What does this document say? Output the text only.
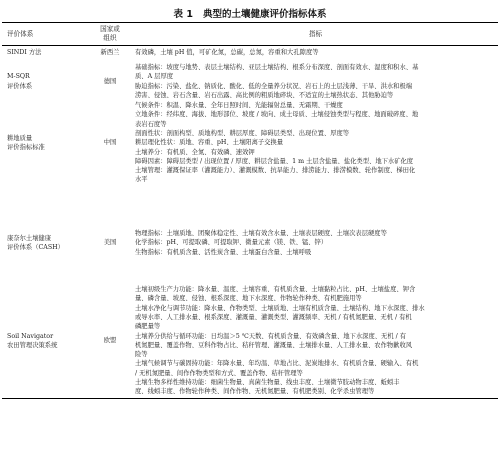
表 1 典型的土壤健康评价指标体系
评价体系
国家或
组织	指标
有效磷，土壤 pH 值，可矿化氮，总碳，总氮，容重和大孔隙度等
SINDI 方法	新西兰
基础指标：坡度与地势、表层土壤结构、亚层土壤结构、根系分布深度、剖面有效水、湿度和积水、基
质、A 层厚度
胁迫指标：污染、盐化、钠质化、酸化、低的全量养分状况、岩石上的土层浅薄、干旱、洪水和极端
涝害、侵蚀、岩石含量、岩石出露、高比例的粗质地碎块、不适宜的土壤热状态、其他胁迫等
M-SQR
评价体系
德国
气候条件：积温、降水量、全年日照时间、光能辐射总量、无霜期、干燥度
立地条件：经纬度、海拔、地形部位、坡度 / 坡向、成土母质、土壤侵蚀类型与程度、地面破碎度、地
表岩石度等
剖面性状：剖面构型、质地构型、耕层厚度、障碍层类型、出现位置、厚度等
耕层理化性状：质地、容重、pH、土壤阳离子交换量
土壤养分：有机质、全氮、有效磷、速效钾
障碍因素：障碍层类型 / 出现位置 / 厚度、耕层含盐量、1 m 土层含盐量、盐化类型、地下水矿化度
土壤管理：灌溉保证率（灌溉能力）、灌溉模数、抗旱能力、排涝能力、排涝模数、轮作制度、梯田化
水平
耕地质量
评价指标标准
中国
物理指标：土壤质地、团聚体稳定性、土壤有效含水量、土壤表层硬度、土壤次表层硬度等
化学指标：pH、可提取磷、可提取钾、微量元素（镁、铁、锰、锌）
生物指标：有机质含量、活性炭含量、土壤蛋白含量、土壤呼吸
康奈尔土壤健康
评价体系（CASH）
美国
土壤初级生产力功能：降水量、温度、土壤容重、有机质含量、土壤黏粒占比、pH、土壤盐度、钾含
量、磷含量、坡度、侵蚀、根系深度、地下水深度、作物轮作种类、有机肥施用等
土壤水净化与调节功能：降水量、作物类型、土壤质地、土壤有机质含量、土壤结构、地下水深度、排水
或导水率、人工排水量、根系深度、灌溉量、灌溉类型、灌溉频率、无机 / 有机氮肥量、无机 / 有机
磷肥量等
土壤养分供给与循环功能：日均温＞5 ℃天数、有机质含量、有效磷含量、地下水深度、无机 / 有
机氮肥量、覆盖作物、豆科作物占比、秸秆管理、灌溉量、土壤排水量、人工排水量、农作物歉收风
险等
土壤气候调节与碳固持功能：年降水量、年均温、草地占比、泥炭地排水、有机质含量、硬输入、有机
/ 无机氮肥量、间作作物类型和方式、覆盖作物、秸秆管理等
土壤生物多样性维持功能：细菌生物量、真菌生物量、线虫丰度、土壤微节肢动物丰度、蚯蚓丰
度、线蚓丰度、作物轮作种类、间作作物、无机氮肥量、有机肥类别、化学杀虫管理等
Soil Navigator
农田管理决策系统
欧盟
